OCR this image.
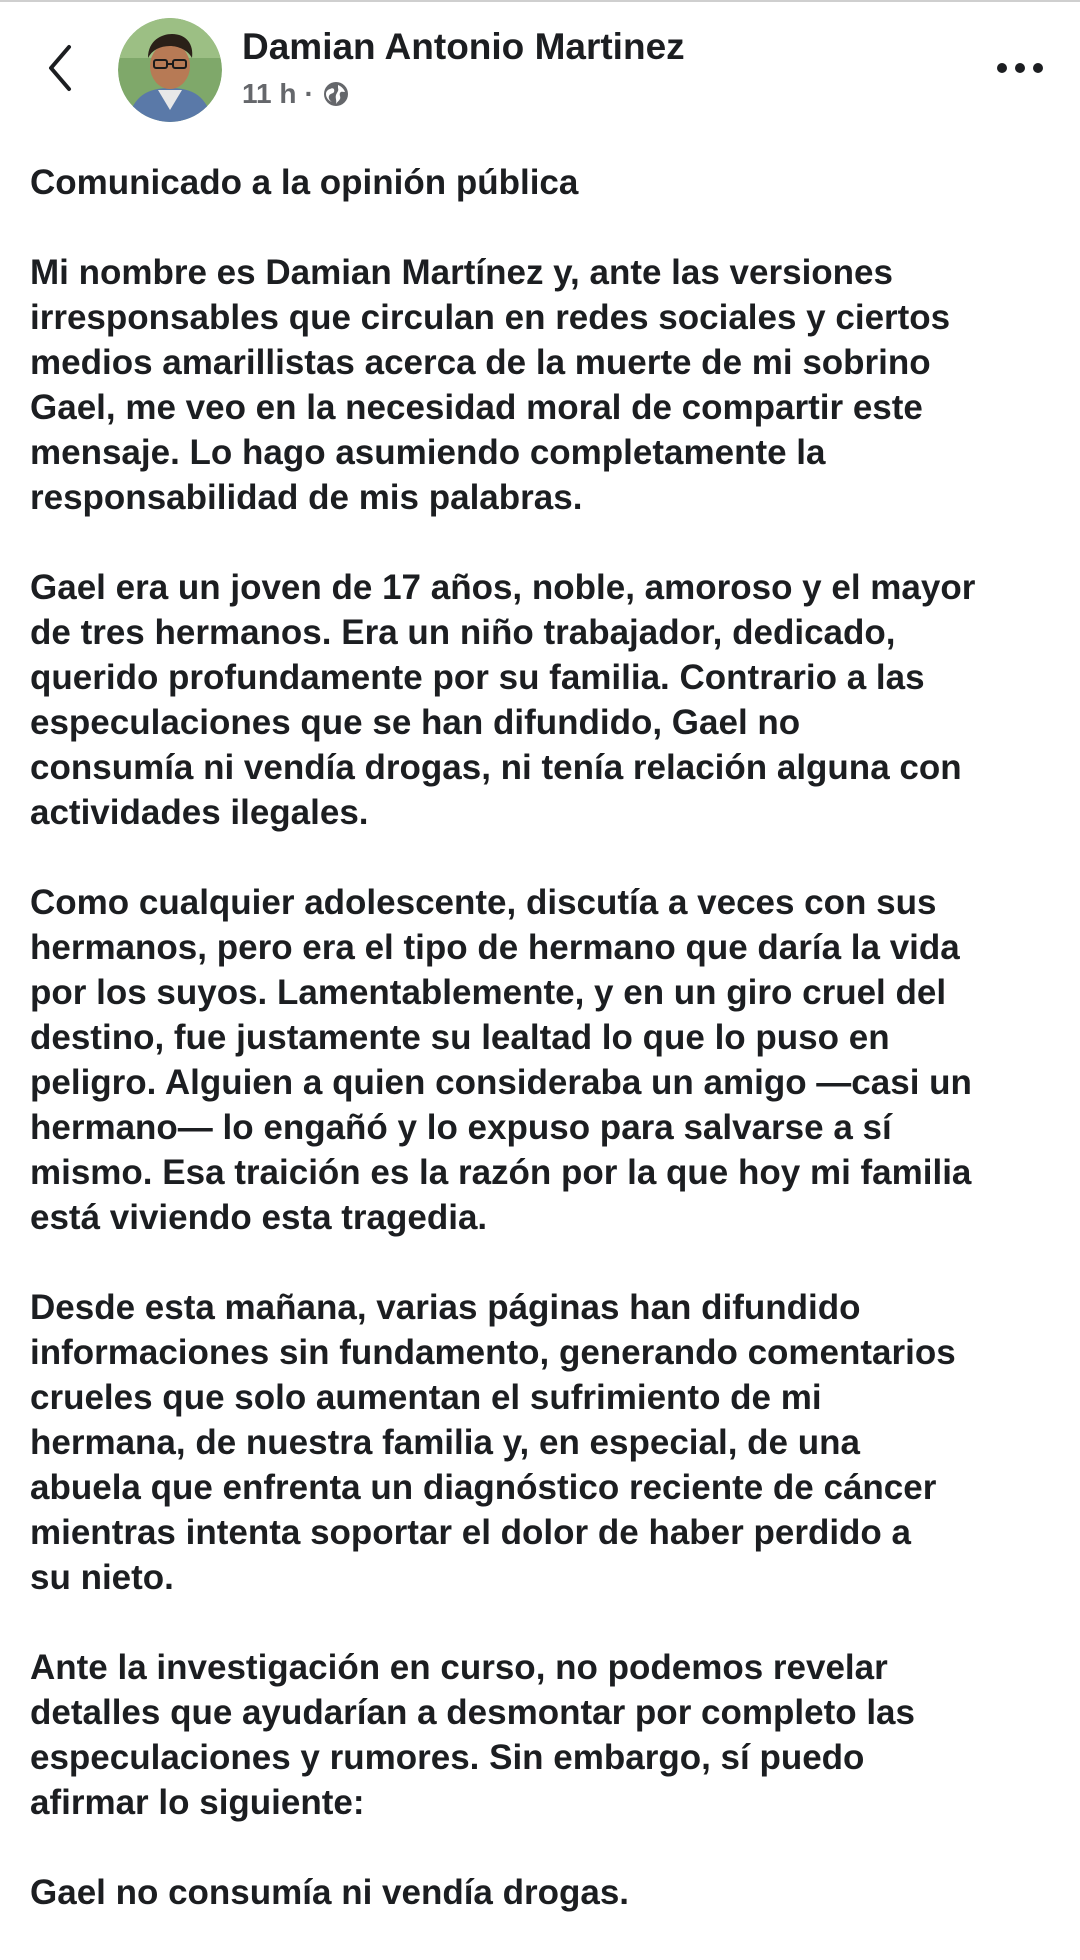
Damian Antonio Martinez
11 h ·

Comunicado a la opinión pública

Mi nombre es Damian Martínez y, ante las versiones
irresponsables que circulan en redes sociales y ciertos
medios amarillistas acerca de la muerte de mi sobrino
Gael, me veo en la necesidad moral de compartir este
mensaje. Lo hago asumiendo completamente la
responsabilidad de mis palabras.

Gael era un joven de 17 años, noble, amoroso y el mayor
de tres hermanos. Era un niño trabajador, dedicado,
querido profundamente por su familia. Contrario a las
especulaciones que se han difundido, Gael no
consumía ni vendía drogas, ni tenía relación alguna con
actividades ilegales.

Como cualquier adolescente, discutía a veces con sus
hermanos, pero era el tipo de hermano que daría la vida
por los suyos. Lamentablemente, y en un giro cruel del
destino, fue justamente su lealtad lo que lo puso en
peligro. Alguien a quien consideraba un amigo —casi un
hermano— lo engañó y lo expuso para salvarse a sí
mismo. Esa traición es la razón por la que hoy mi familia
está viviendo esta tragedia.

Desde esta mañana, varias páginas han difundido
informaciones sin fundamento, generando comentarios
crueles que solo aumentan el sufrimiento de mi
hermana, de nuestra familia y, en especial, de una
abuela que enfrenta un diagnóstico reciente de cáncer
mientras intenta soportar el dolor de haber perdido a
su nieto.

Ante la investigación en curso, no podemos revelar
detalles que ayudarían a desmontar por completo las
especulaciones y rumores. Sin embargo, sí puedo
afirmar lo siguiente:

Gael no consumía ni vendía drogas.
